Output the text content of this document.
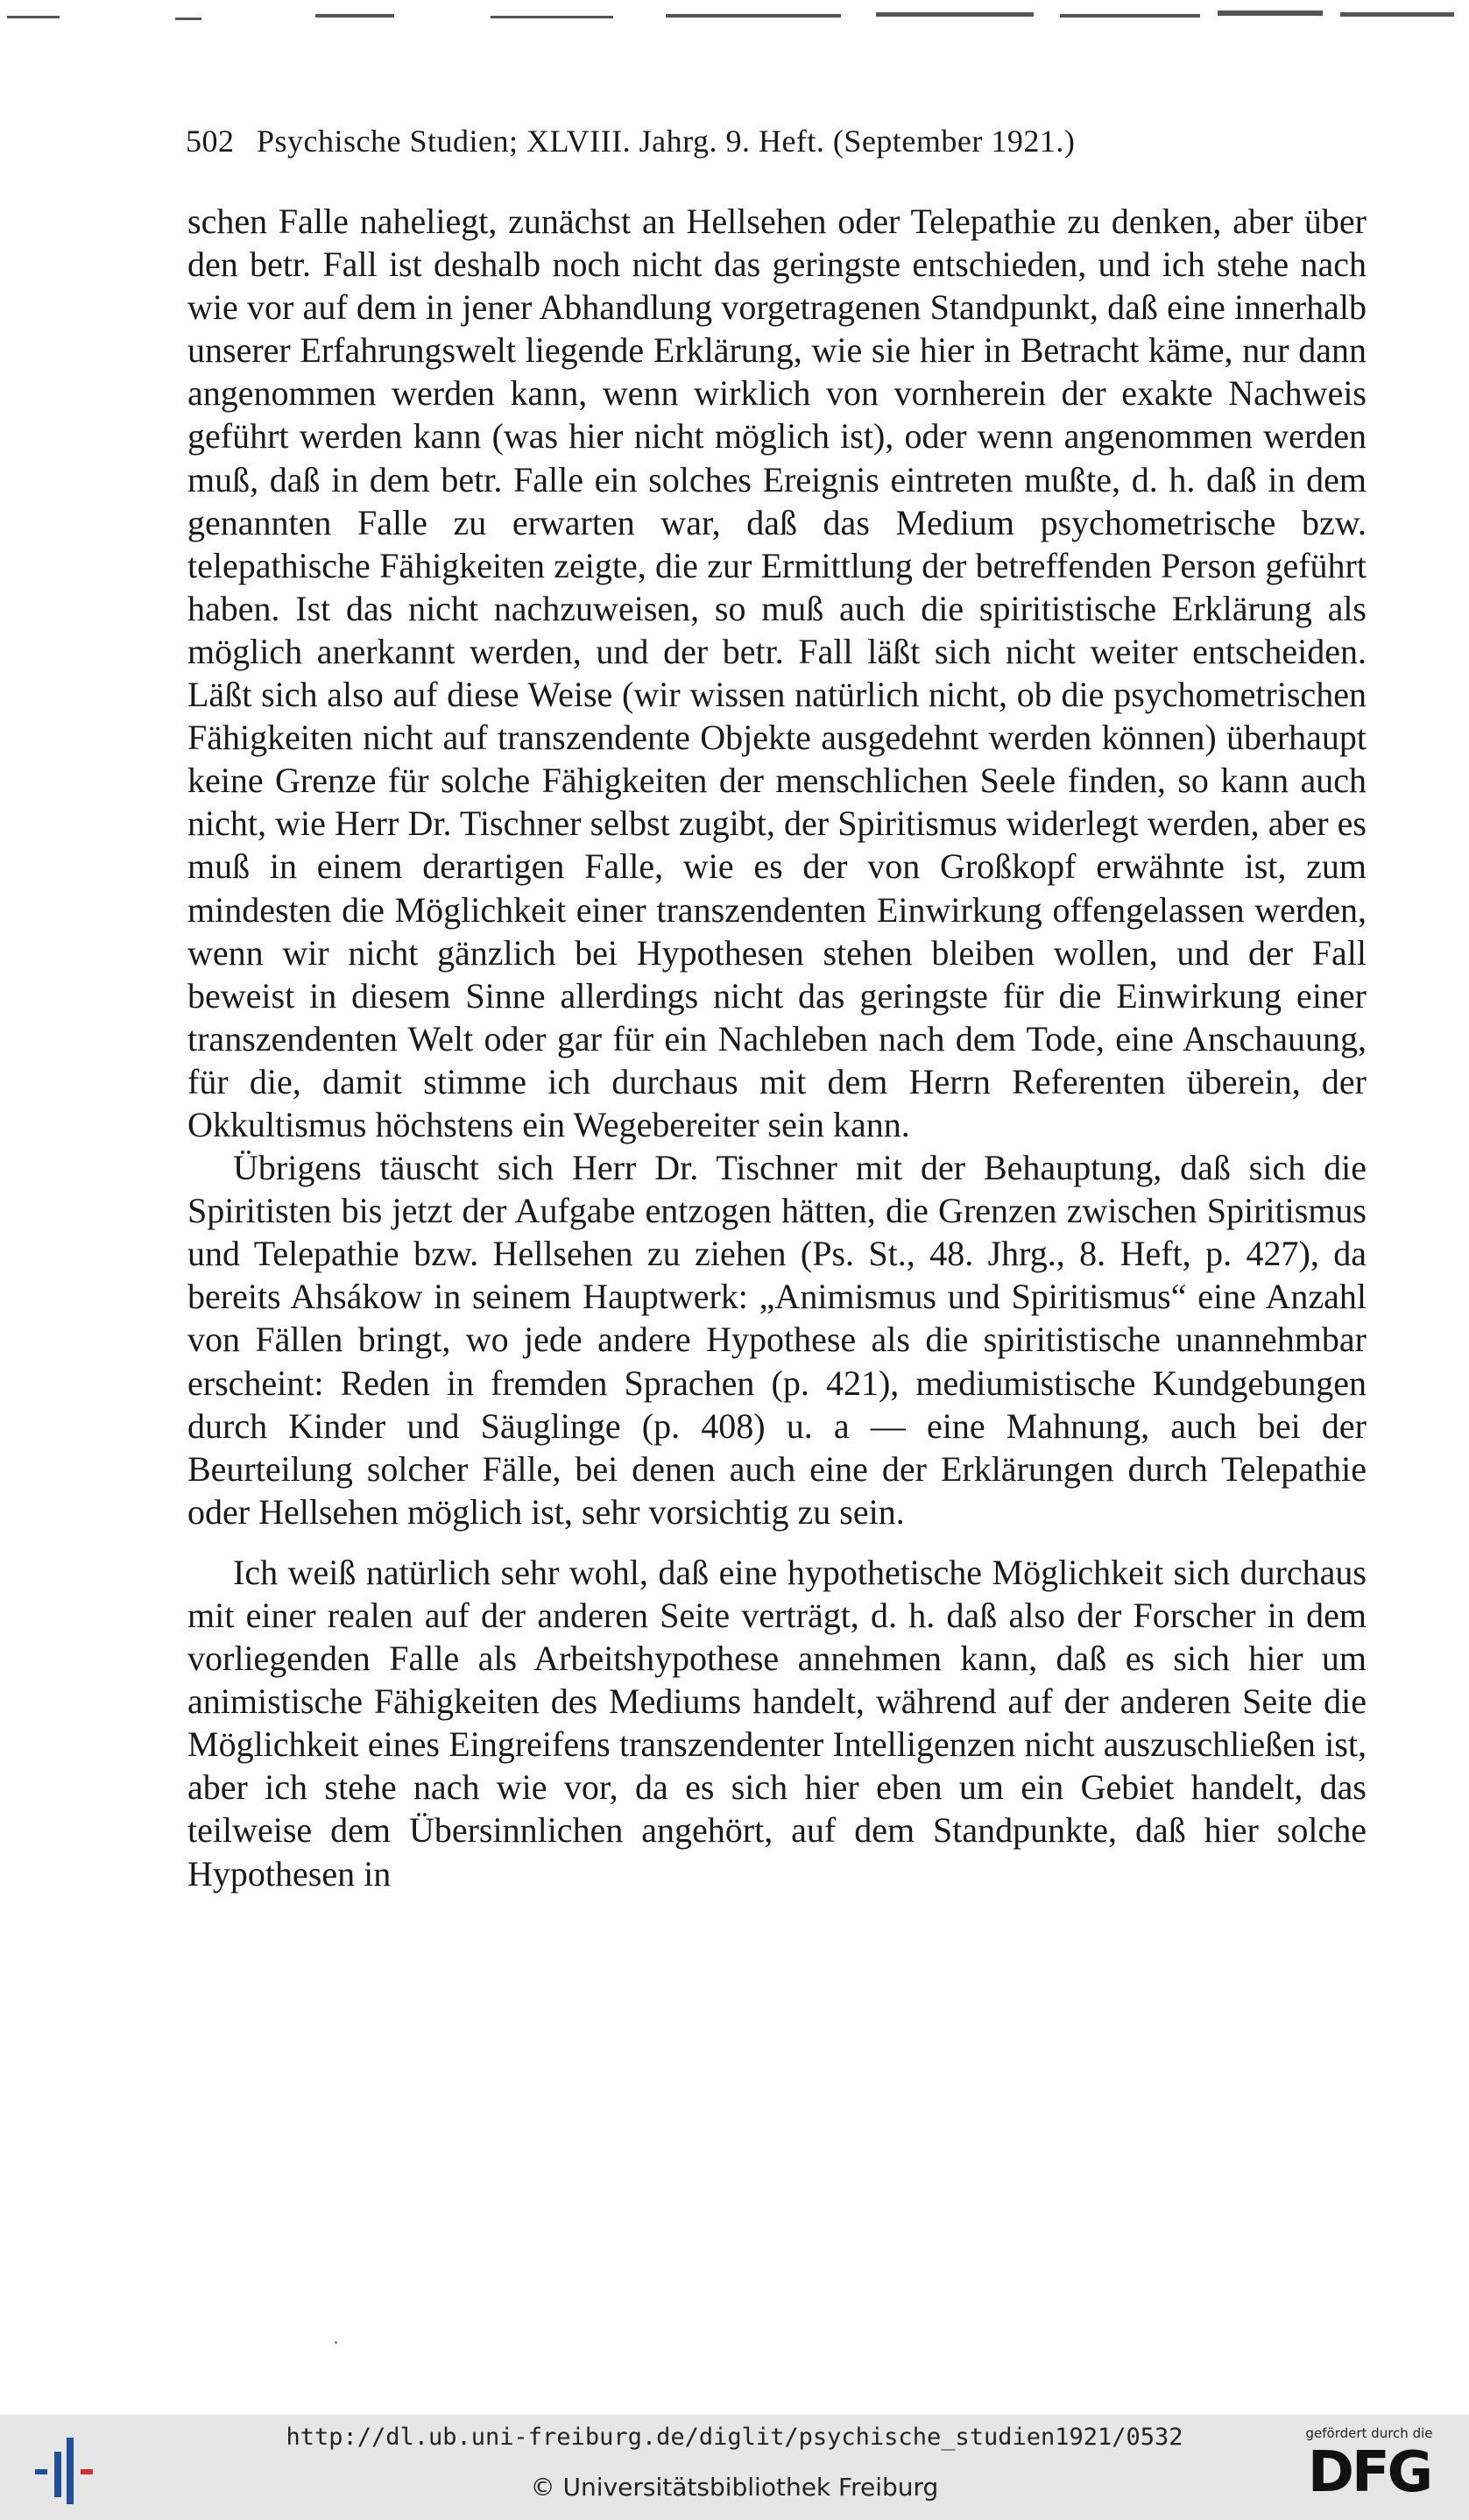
502 Psychische Studien; XLVIII. Jahrg. 9. Heft. (September 1921.)

schen Falle naheliegt, zunächst an Hellsehen oder Telepathie zu denken, aber über den betr. Fall ist deshalb noch nicht das geringste entschieden, und ich stehe nach wie vor auf dem in jener Abhandlung vorgetragenen Standpunkt, daß eine innerhalb unserer Erfahrungswelt liegende Erklärung, wie sie hier in Betracht käme, nur dann angenommen werden kann, wenn wirklich von vornherein der exakte Nachweis geführt werden kann (was hier nicht möglich ist), oder wenn angenommen werden muß, daß in dem betr. Falle ein solches Ereignis eintreten mußte, d. h. daß in dem genannten Falle zu erwarten war, daß das Medium psychometrische bzw. telepathische Fähigkeiten zeigte, die zur Ermittlung der betreffenden Person geführt haben. Ist das nicht nachzuweisen, so muß auch die spiritistische Erklärung als möglich anerkannt werden, und der betr. Fall läßt sich nicht weiter entscheiden. Läßt sich also auf diese Weise (wir wissen natürlich nicht, ob die psychometrischen Fähigkeiten nicht auf transzendente Objekte ausgedehnt werden können) überhaupt keine Grenze für solche Fähigkeiten der menschlichen Seele finden, so kann auch nicht, wie Herr Dr. Tischner selbst zugibt, der Spiritismus widerlegt werden, aber es muß in einem derartigen Falle, wie es der von Großkopf erwähnte ist, zum mindesten die Möglichkeit einer transzendenten Einwirkung offengelassen werden, wenn wir nicht gänzlich bei Hypothesen stehen bleiben wollen, und der Fall beweist in diesem Sinne allerdings nicht das geringste für die Einwirkung einer transzendenten Welt oder gar für ein Nachleben nach dem Tode, eine Anschauung, für die, damit stimme ich durchaus mit dem Herrn Referenten überein, der Okkultismus höchstens ein Wegebereiter sein kann.

Übrigens täuscht sich Herr Dr. Tischner mit der Behauptung, daß sich die Spiritisten bis jetzt der Aufgabe entzogen hätten, die Grenzen zwischen Spiritismus und Telepathie bzw. Hellsehen zu ziehen (Ps. St., 48. Jhrg., 8. Heft, p. 427), da bereits Ahsákow in seinem Hauptwerk: „Animismus und Spiritismus“ eine Anzahl von Fällen bringt, wo jede andere Hypothese als die spiritistische unannehmbar erscheint: Reden in fremden Sprachen (p. 421), mediumistische Kundgebungen durch Kinder und Säuglinge (p. 408) u. a — eine Mahnung, auch bei der Beurteilung solcher Fälle, bei denen auch eine der Erklärungen durch Telepathie oder Hellsehen möglich ist, sehr vorsichtig zu sein.

Ich weiß natürlich sehr wohl, daß eine hypothetische Möglichkeit sich durchaus mit einer realen auf der anderen Seite verträgt, d. h. daß also der Forscher in dem vorliegenden Falle als Arbeitshypothese annehmen kann, daß es sich hier um animistische Fähigkeiten des Mediums handelt, während auf der anderen Seite die Möglichkeit eines Eingreifens transzendenter Intelligenzen nicht auszuschließen ist, aber ich stehe nach wie vor, da es sich hier eben um ein Gebiet handelt, das teilweise dem Übersinnlichen angehört, auf dem Standpunkte, daß hier solche Hypothesen in

http://dl.ub.uni-freiburg.de/diglit/psychische_studien1921/0532
© Universitätsbibliothek Freiburg
gefördert durch die
DFG
